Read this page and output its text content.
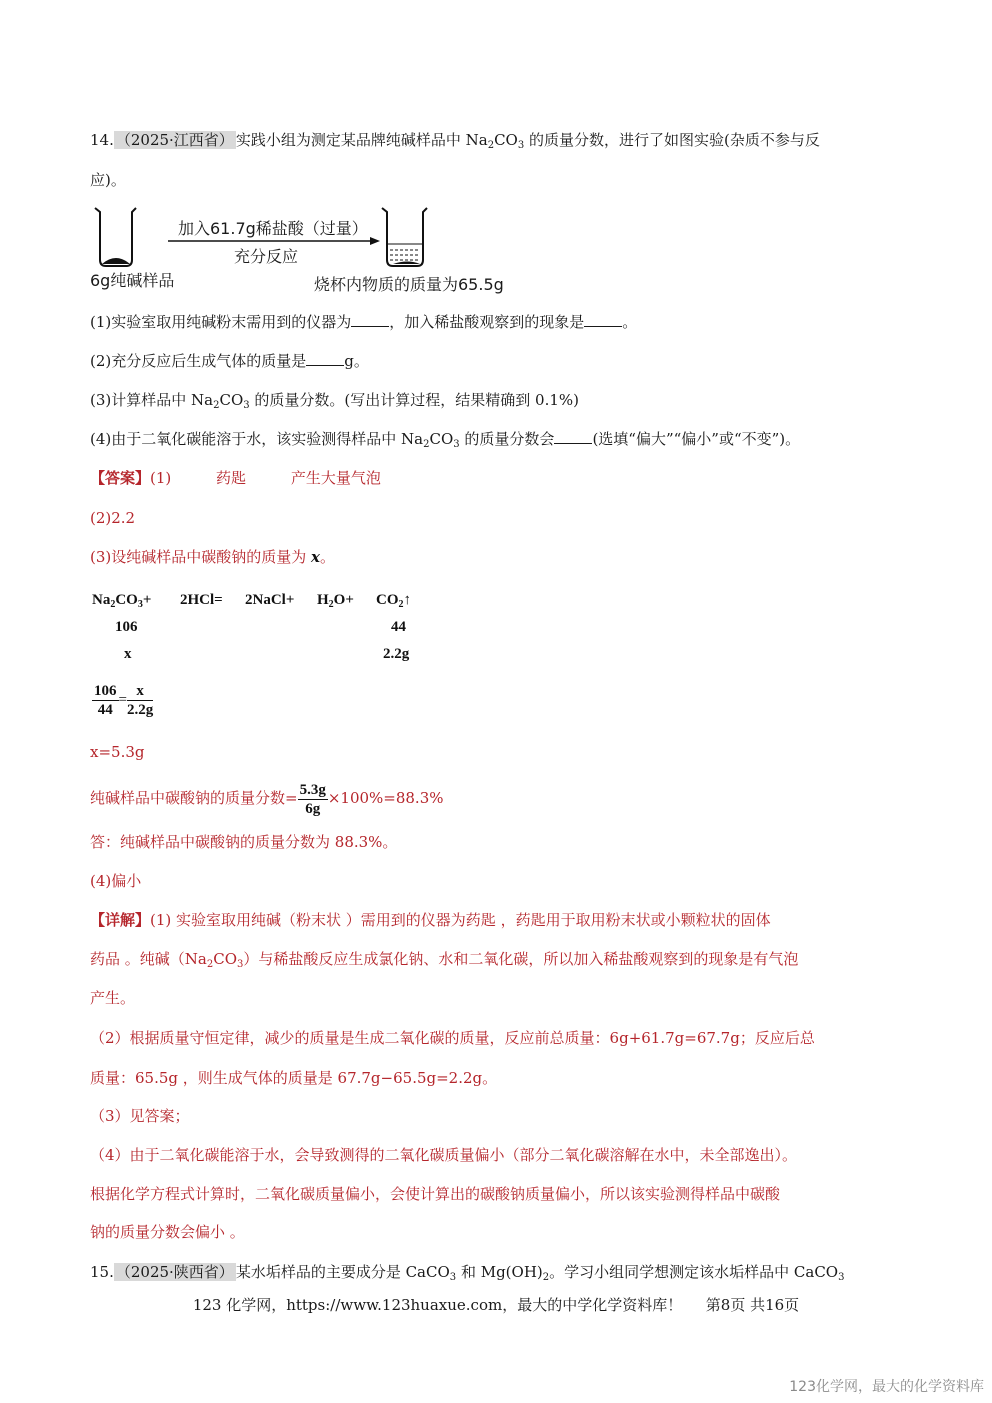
14. （2025·江西省） 实践小组为测定某品牌纯碱样品中 $Na_2CO_3$ 的质量分数，进行了如图实验(杂质不参与反
应)。
加入61.7g稀盐酸（过量）
充分反应
6g纯碱样品	烧杯内物质的质量为65.5g
(1)实验室取用纯碱粉末需用到的仪器为	，加入稀盐酸观察到的现象是	。
(2)充分反应后生成气体的质量是	g。
(3)计算样品中 $Na_2CO_3$ 的质量分数。(写出计算过程，结果精确到 0.1%)
(4)由于二氧化碳能溶于水，该实验测得样品中 $Na_2CO_3$ 的质量分数会	(选填“偏大”“偏小”或“不变”)。
【答案】(1)	药匙	产生大量气泡
(2)2.2
(3)设纯碱样品中碳酸钠的质量为 x。
$Na_2CO_3+ 2HCl=$ 2NaCl+ $H_2O+$ $CO_2↑$
106	44
x	2.2g
$\frac{106}{44} = \frac{x}{2.2g}$
x=5.3g
纯碱样品中碳酸钠的质量分数= $\frac{5.3g}{6g} \times 100\%=88.3\%$
答：纯碱样品中碳酸钠的质量分数为 88.3%。
(4)偏小
【详解】(1) 实验室取用纯碱（粉末状 ）需用到的仪器为药匙 ，药匙用于取用粉末状或小颗粒状的固体
药品 。纯碱$(Na_2CO_3)$与稀盐酸反应生成氯化钠、水和二氧化碳，所以加入稀盐酸观察到的现象是有气泡
产生。
（2）根据质量守恒定律，减少的质量是生成二氧化碳的质量，反应前总质量：6g+61.7g=67.7g；反应后总
质量：65.5g ，则生成气体的质量是 67.7g−65.5g=2.2g。
（3）见答案；
（4）由于二氧化碳能溶于水，会导致测得的二氧化碳质量偏小（部分二氧化碳溶解在水中，未全部逸出）。
根据化学方程式计算时，二氧化碳质量偏小，会使计算出的碳酸钠质量偏小，所以该实验测得样品中碳酸
钠的质量分数会偏小 。
15. （2025·陕西省） 某水垢样品的主要成分是 CaCO$_3$ 和 $Mg(OH)_2$。学习小组同学想测定该水垢样品中 CaCO$_3$
123 化学网，https://www.123huaxue.com，最大的中学化学资料库！ 第8页 共16页
123化学网，最大的化学资料库
